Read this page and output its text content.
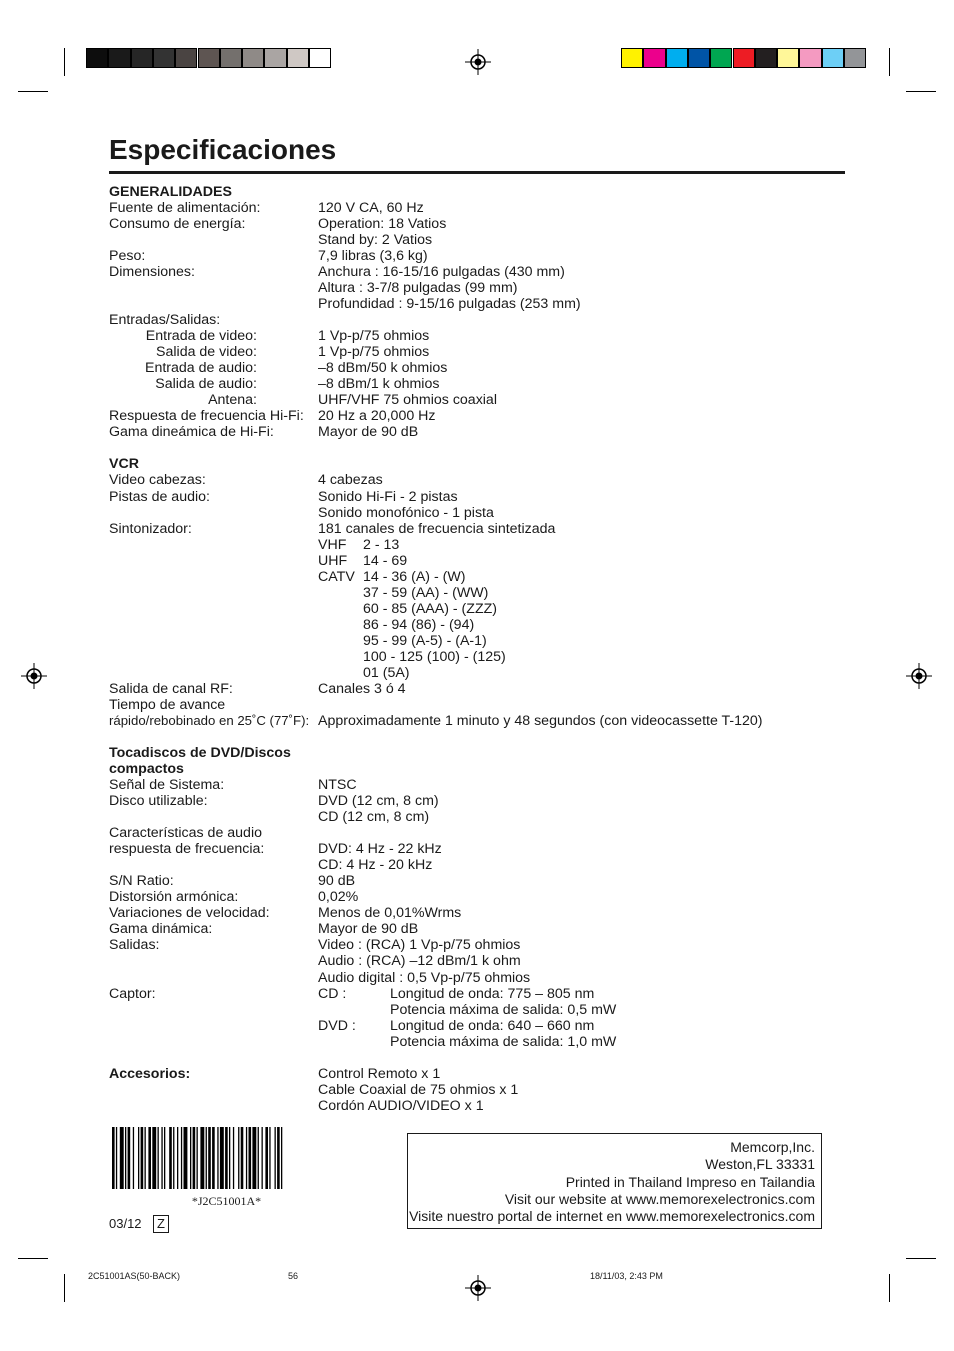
Especificaciones
GENERALIDADES
Fuente de alimentación:	120 V CA, 60 Hz
Consumo de energía:	Operation: 18 Vatios
Stand by: 2 Vatios
Peso:	7,9 libras (3,6 kg)
Dimensiones:	Anchura : 16-15/16 pulgadas (430 mm)
Altura : 3-7/8 pulgadas (99 mm)
Profundidad : 9-15/16 pulgadas (253 mm)
Entradas/Salidas:
Entrada de video:	1 Vp-p/75 ohmios
Salida de video:	1 Vp-p/75 ohmios
Entrada de audio:	–8 dBm/50 k ohmios
Salida de audio:	–8 dBm/1 k ohmios
Antena:	UHF/VHF 75 ohmios coaxial
Respuesta de frecuencia Hi-Fi: 20 Hz a 20,000 Hz
Gama dineámica de Hi-Fi:	Mayor de 90 dB
VCR
Video cabezas:	4 cabezas
Pistas de audio:	Sonido Hi-Fi - 2 pistas
Sonido monofónico - 1 pista
Sintonizador:	181 canales de frecuencia sintetizada
VHF 2 - 13
UHF 14 - 69
CATV 14 - 36 (A) - (W)
37 - 59 (AA) - (WW)
60 - 85 (AAA) - (ZZZ)
86 - 94 (86) - (94)
95 - 99 (A-5) - (A-1)
100 - 125 (100) - (125)
01 (5A)
Salida de canal RF:	Canales 3 ó 4
Tiempo de avance
rápido/rebobinado en 25˚C (77˚F): Approximadamente 1 minuto y 48 segundos (con videocassette T-120)
Tocadiscos de DVD/Discos
compactos
Señal de Sistema:	NTSC
Disco utilizable:	DVD (12 cm, 8 cm)
CD (12 cm, 8 cm)
Características de audio
respuesta de frecuencia:	DVD: 4 Hz - 22 kHz
CD: 4 Hz - 20 kHz
S/N Ratio:	90 dB
Distorsión armónica:	0,02%
Variaciones de velocidad:	Menos de 0,01%Wrms
Gama dinámica:	Mayor de 90 dB
Salidas:	Video : (RCA) 1 Vp-p/75 ohmios
Audio : (RCA) –12 dBm/1 k ohm
Audio digital : 0,5 Vp-p/75 ohmios
Captor:	CD :	Longitud de onda: 775 – 805 nm
Potencia máxima de salida: 0,5 mW
DVD : Longitud de onda: 640 – 660 nm
Potencia máxima de salida: 1,0 mW
Accesorios:	Control Remoto x 1
Cable Coaxial de 75 ohmios x 1
Cordón AUDIO/VIDEO x 1
*J2C51001A*
03/12	Z
Memcorp,Inc.
Weston,FL 33331
Printed in Thailand Impreso en Tailandia
Visit our website at www.memorexelectronics.com
Visite nuestro portal de internet en www.memorexelectronics.com
2C51001AS(50-BACK)	56	18/11/03, 2:43 PM
